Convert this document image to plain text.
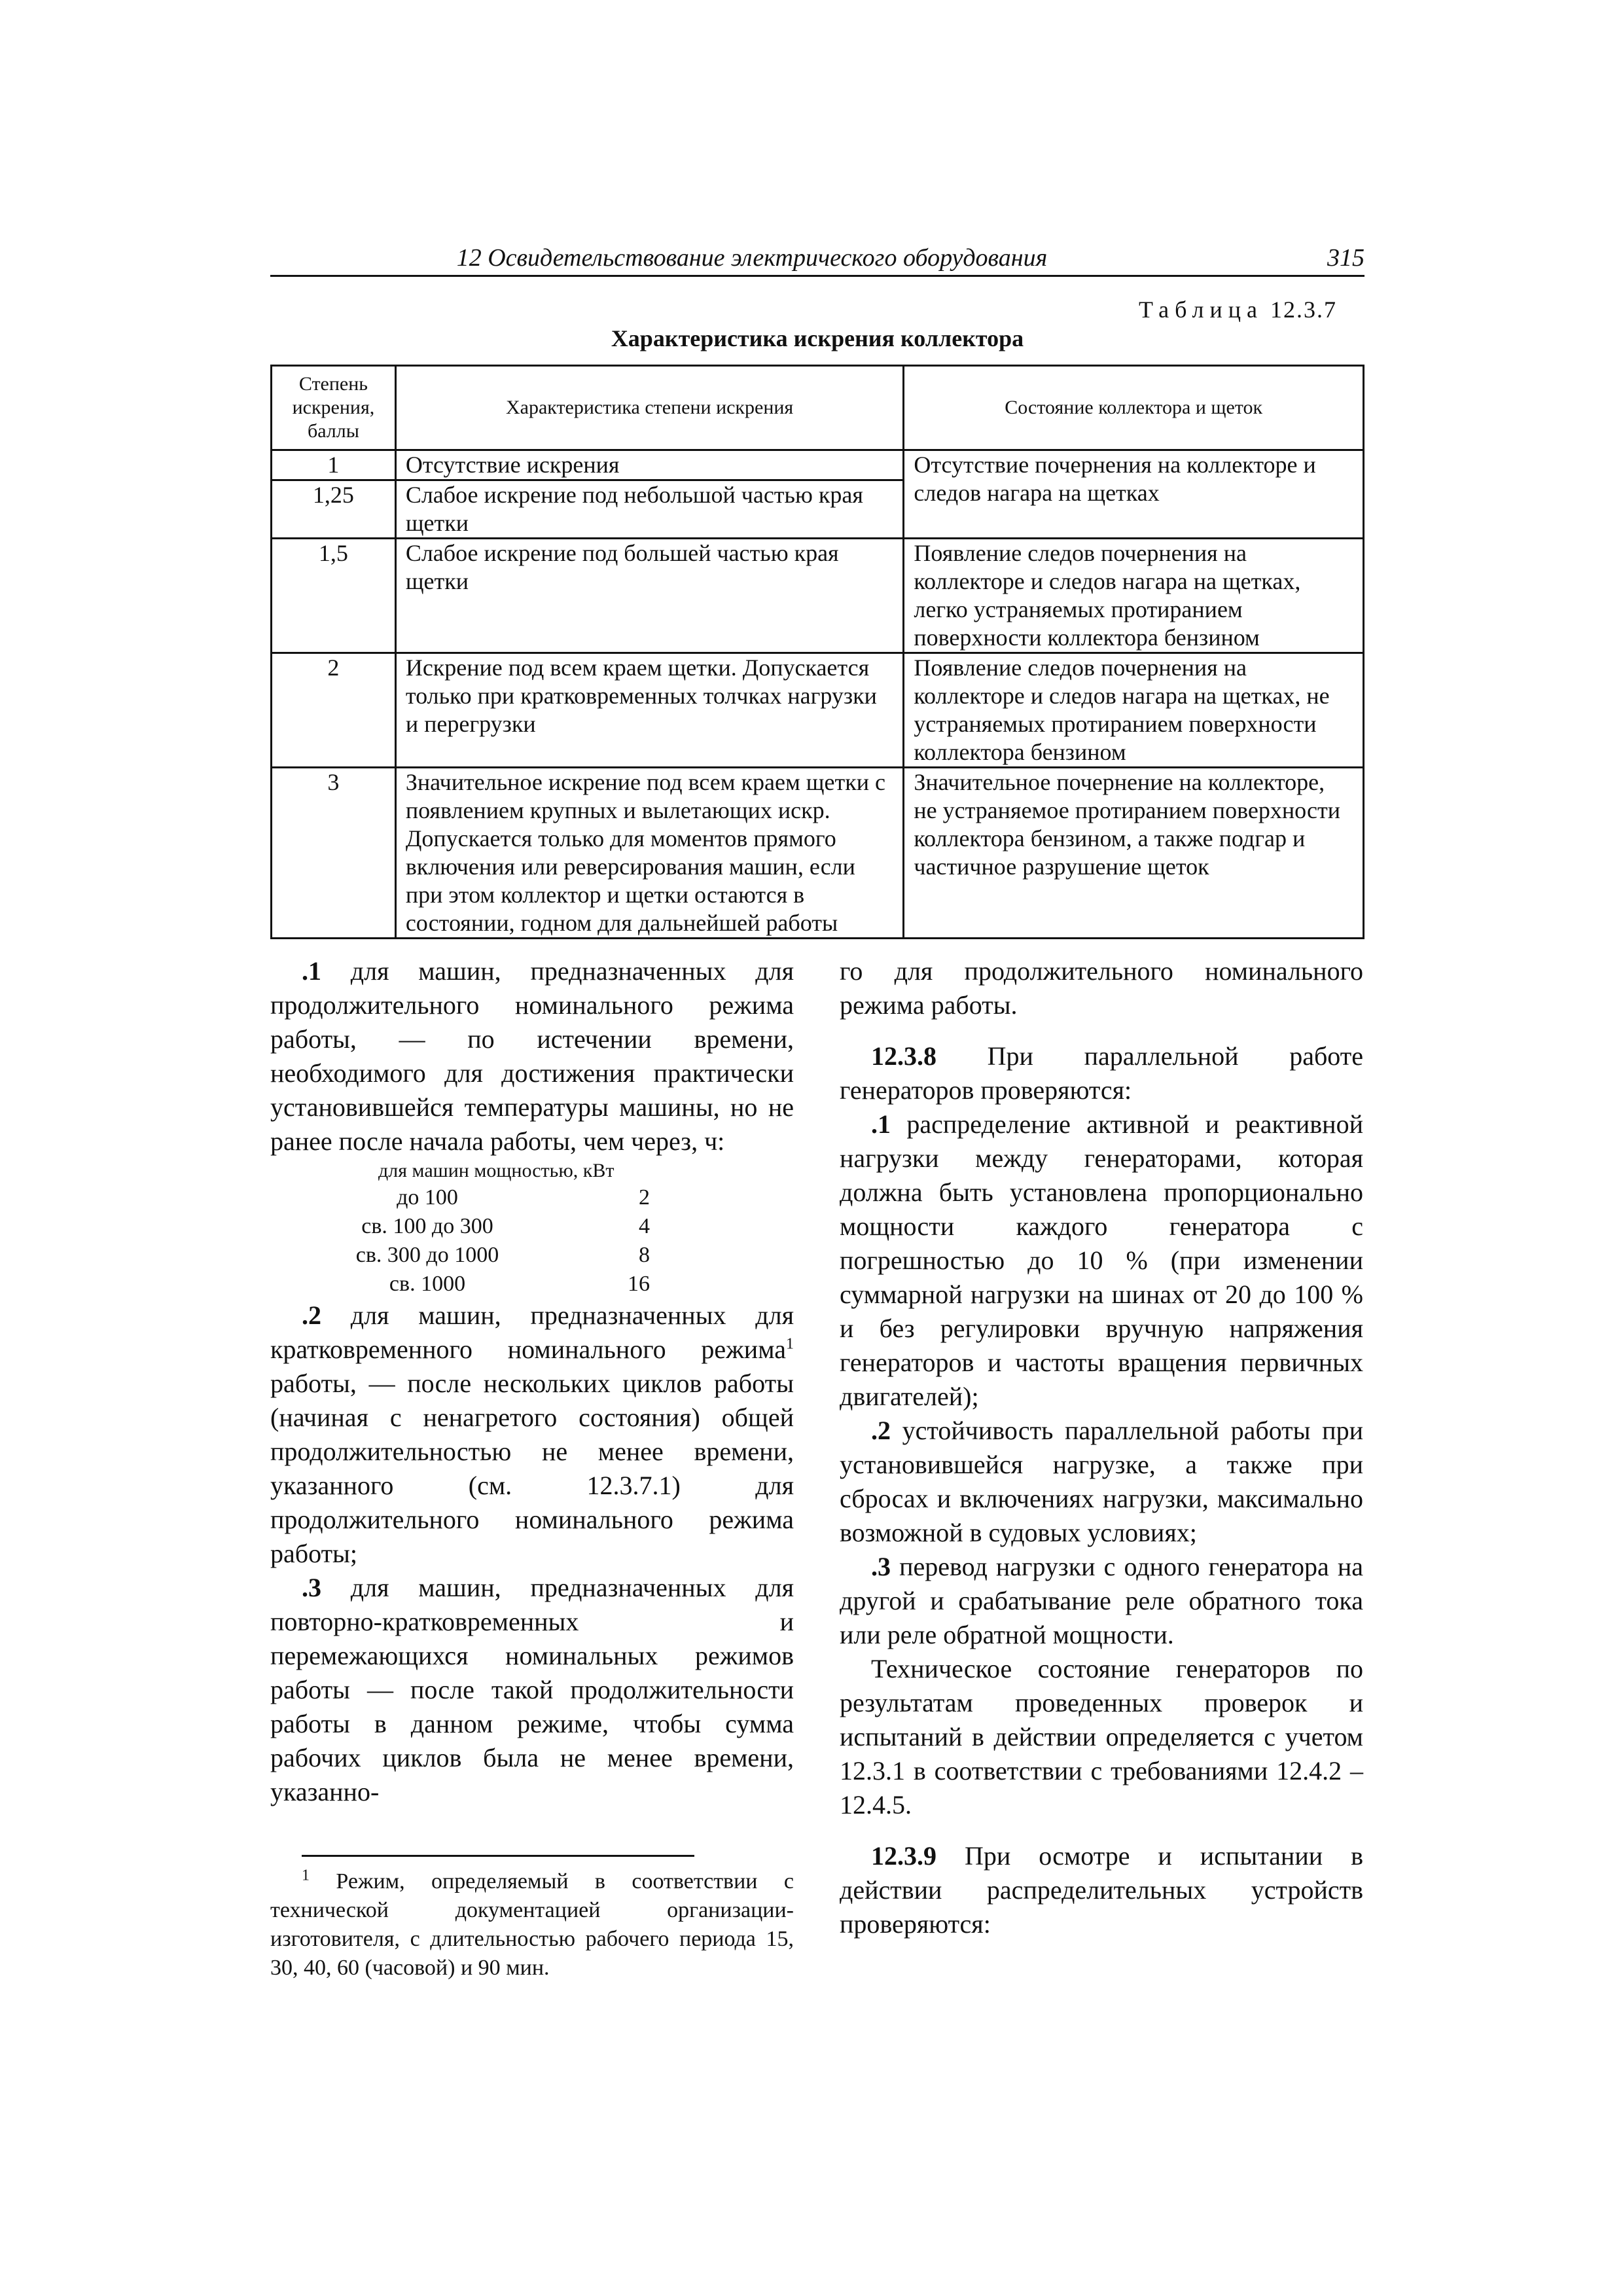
12 Освидетельствование электрического оборудования	315
Таблица 12.3.7
Характеристика искрения коллектора
Степень искрения, баллы	Характеристика степени искрения	Состояние коллектора и щеток
1	Отсутствие искрения	Отсутствие почернения на коллекторе и следов нагара на щетках
1,25	Слабое искрение под небольшой частью края щетки	
1,5	Слабое искрение под большей частью края щетки	Появление следов почернения на коллекторе и следов нагара на щетках, легко устраняемых протиранием поверхности коллектора бензином
2	Искрение под всем краем щетки. Допускается только при кратковременных толчках нагрузки и перегрузки	Появление следов почернения на коллекторе и следов нагара на щетках, не устраняемых протиранием поверхности коллектора бензином
3	Значительное искрение под всем краем щетки с появлением крупных и вылетающих искр. Допускается только для моментов прямого включения или реверсирования машин, если при этом коллектор и щетки остаются в состоянии, годном для дальнейшей работы	Значительное почернение на коллекторе, не устраняемое протиранием поверхности коллектора бензином, а также подгар и частичное разрушение щеток

.1 для машин, предназначенных для продолжительного номинального режима работы, — по истечении времени, необходимого для достижения практически установившейся температуры машины, но не ранее после начала работы, чем через, ч:

для машин мощностью, кВт
до 100	2
св. 100 до 300	4
св. 300 до 1000	8
св. 1000	16

.2 для машин, предназначенных для кратковременного номинального режима$^1$ работы, — после нескольких циклов работы (начиная с ненагретого состояния) общей продолжительностью не менее времени, указанного (см. 12.3.7.1) для продолжительного номинального режима работы;

.3 для машин, предназначенных для повторно-кратковременных и перемежающихся номинальных режимов работы — после такой продолжительности работы в данном режиме, чтобы сумма рабочих циклов была не менее времени, указанно-

$^1$ Режим, определяемый в соответствии с технической документацией организации-изготовителя, с длительностью рабочего периода 15, 30, 40, 60 (часовой) и 90 мин.

го для продолжительного номинального режима работы.

12.3.8 При параллельной работе генераторов проверяются:

.1 распределение активной и реактивной нагрузки между генераторами, которая должна быть установлена пропорционально мощности каждого генератора с погрешностью до 10 % (при изменении суммарной нагрузки на шинах от 20 до 100 % и без регулировки вручную напряжения генераторов и частоты вращения первичных двигателей);

.2 устойчивость параллельной работы при установившейся нагрузке, а также при сбросах и включениях нагрузки, максимально возможной в судовых условиях;

.3 перевод нагрузки с одного генератора на другой и срабатывание реле обратного тока или реле обратной мощности.

Техническое состояние генераторов по результатам проведенных проверок и испытаний в действии определяется с учетом 12.3.1 в соответствии с требованиями 12.4.2 – 12.4.5.

12.3.9 При осмотре и испытании в действии распределительных устройств проверяются:
